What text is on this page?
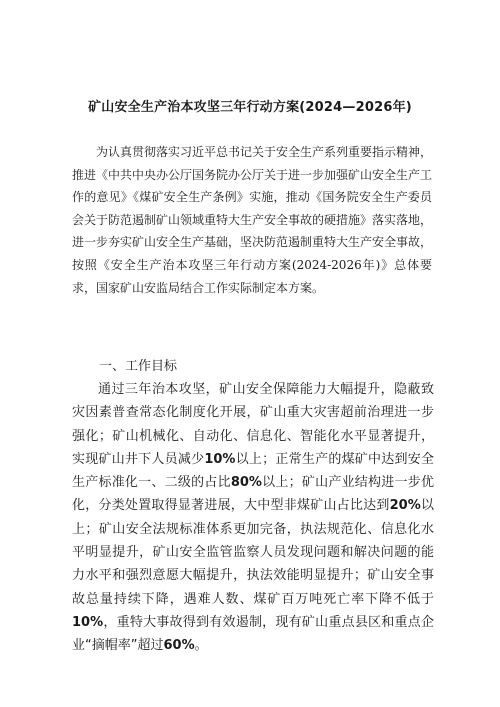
矿山安全生产治本攻坚三年行动方案(2024—2026年)

为认真贯彻落实习近平总书记关于安全生产系列重要指示精神，推进《中共中央办公厅国务院办公厅关于进一步加强矿山安全生产工作的意见》《煤矿安全生产条例》实施，推动《国务院安全生产委员会关于防范遏制矿山领域重特大生产安全事故的硬措施》落实落地，进一步夯实矿山安全生产基础，坚决防范遏制重特大生产安全事故，按照《安全生产治本攻坚三年行动方案(2024-2026年)》总体要求，国家矿山安监局结合工作实际制定本方案。

一、工作目标

通过三年治本攻坚，矿山安全保障能力大幅提升，隐蔽致灾因素普查常态化制度化开展，矿山重大灾害超前治理进一步强化；矿山机械化、自动化、信息化、智能化水平显著提升，实现矿山井下人员减少10%以上；正常生产的煤矿中达到安全生产标准化一、二级的占比80%以上；矿山产业结构进一步优化，分类处置取得显著进展，大中型非煤矿山占比达到20%以上；矿山安全法规标准体系更加完备，执法规范化、信息化水平明显提升，矿山安全监管监察人员发现问题和解决问题的能力水平和强烈意愿大幅提升，执法效能明显提升；矿山安全事故总量持续下降，遇难人数、煤矿百万吨死亡率下降不低于10%，重特大事故得到有效遏制，现有矿山重点县区和重点企业“摘帽率”超过60%。
